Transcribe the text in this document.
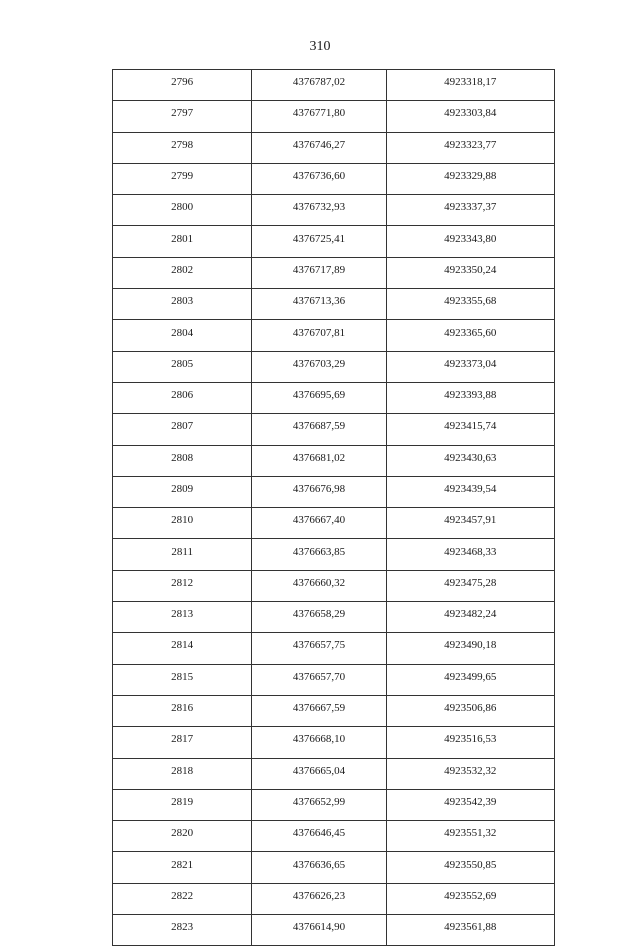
310
2796	4376787,02	4923318,17
2797	4376771,80	4923303,84
2798	4376746,27	4923323,77
2799	4376736,60	4923329,88
2800	4376732,93	4923337,37
2801	4376725,41	4923343,80
2802	4376717,89	4923350,24
2803	4376713,36	4923355,68
2804	4376707,81	4923365,60
2805	4376703,29	4923373,04
2806	4376695,69	4923393,88
2807	4376687,59	4923415,74
2808	4376681,02	4923430,63
2809	4376676,98	4923439,54
2810	4376667,40	4923457,91
2811	4376663,85	4923468,33
2812	4376660,32	4923475,28
2813	4376658,29	4923482,24
2814	4376657,75	4923490,18
2815	4376657,70	4923499,65
2816	4376667,59	4923506,86
2817	4376668,10	4923516,53
2818	4376665,04	4923532,32
2819	4376652,99	4923542,39
2820	4376646,45	4923551,32
2821	4376636,65	4923550,85
2822	4376626,23	4923552,69
2823	4376614,90	4923561,88
